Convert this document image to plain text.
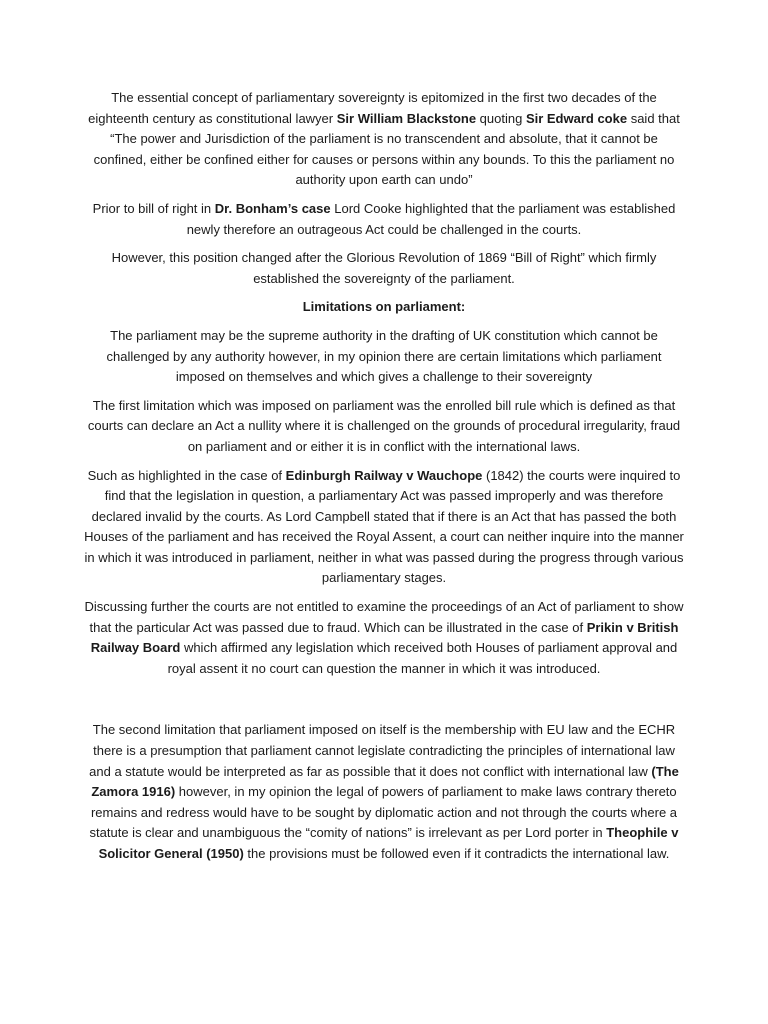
The essential concept of parliamentary sovereignty is epitomized in the first two decades of the eighteenth century as constitutional lawyer Sir William Blackstone quoting Sir Edward coke said that “The power and Jurisdiction of the parliament is no transcendent and absolute, that it cannot be confined, either be confined either for causes or persons within any bounds. To this the parliament no authority upon earth can undo”

Prior to bill of right in Dr. Bonham’s case Lord Cooke highlighted that the parliament was established newly therefore an outrageous Act could be challenged in the courts.

However, this position changed after the Glorious Revolution of 1869 “Bill of Right” which firmly established the sovereignty of the parliament.

Limitations on parliament:

The parliament may be the supreme authority in the drafting of UK constitution which cannot be challenged by any authority however, in my opinion there are certain limitations which parliament imposed on themselves and which gives a challenge to their sovereignty

The first limitation which was imposed on parliament was the enrolled bill rule which is defined as that courts can declare an Act a nullity where it is challenged on the grounds of procedural irregularity, fraud on parliament and or either it is in conflict with the international laws.

Such as highlighted in the case of Edinburgh Railway v Wauchope (1842) the courts were inquired to find that the legislation in question, a parliamentary Act was passed improperly and was therefore declared invalid by the courts. As Lord Campbell stated that if there is an Act that has passed the both Houses of the parliament and has received the Royal Assent, a court can neither inquire into the manner in which it was introduced in parliament, neither in what was passed during the progress through various parliamentary stages.

Discussing further the courts are not entitled to examine the proceedings of an Act of parliament to show that the particular Act was passed due to fraud. Which can be illustrated in the case of Prikin v British Railway Board which affirmed any legislation which received both Houses of parliament approval and royal assent it no court can question the manner in which it was introduced.

The second limitation that parliament imposed on itself is the membership with EU law and the ECHR there is a presumption that parliament cannot legislate contradicting the principles of international law and a statute would be interpreted as far as possible that it does not conflict with international law (The Zamora 1916) however, in my opinion the legal of powers of parliament to make laws contrary thereto remains and redress would have to be sought by diplomatic action and not through the courts where a statute is clear and unambiguous the “comity of nations” is irrelevant as per Lord porter in Theophile v Solicitor General (1950) the provisions must be followed even if it contradicts the international law.
